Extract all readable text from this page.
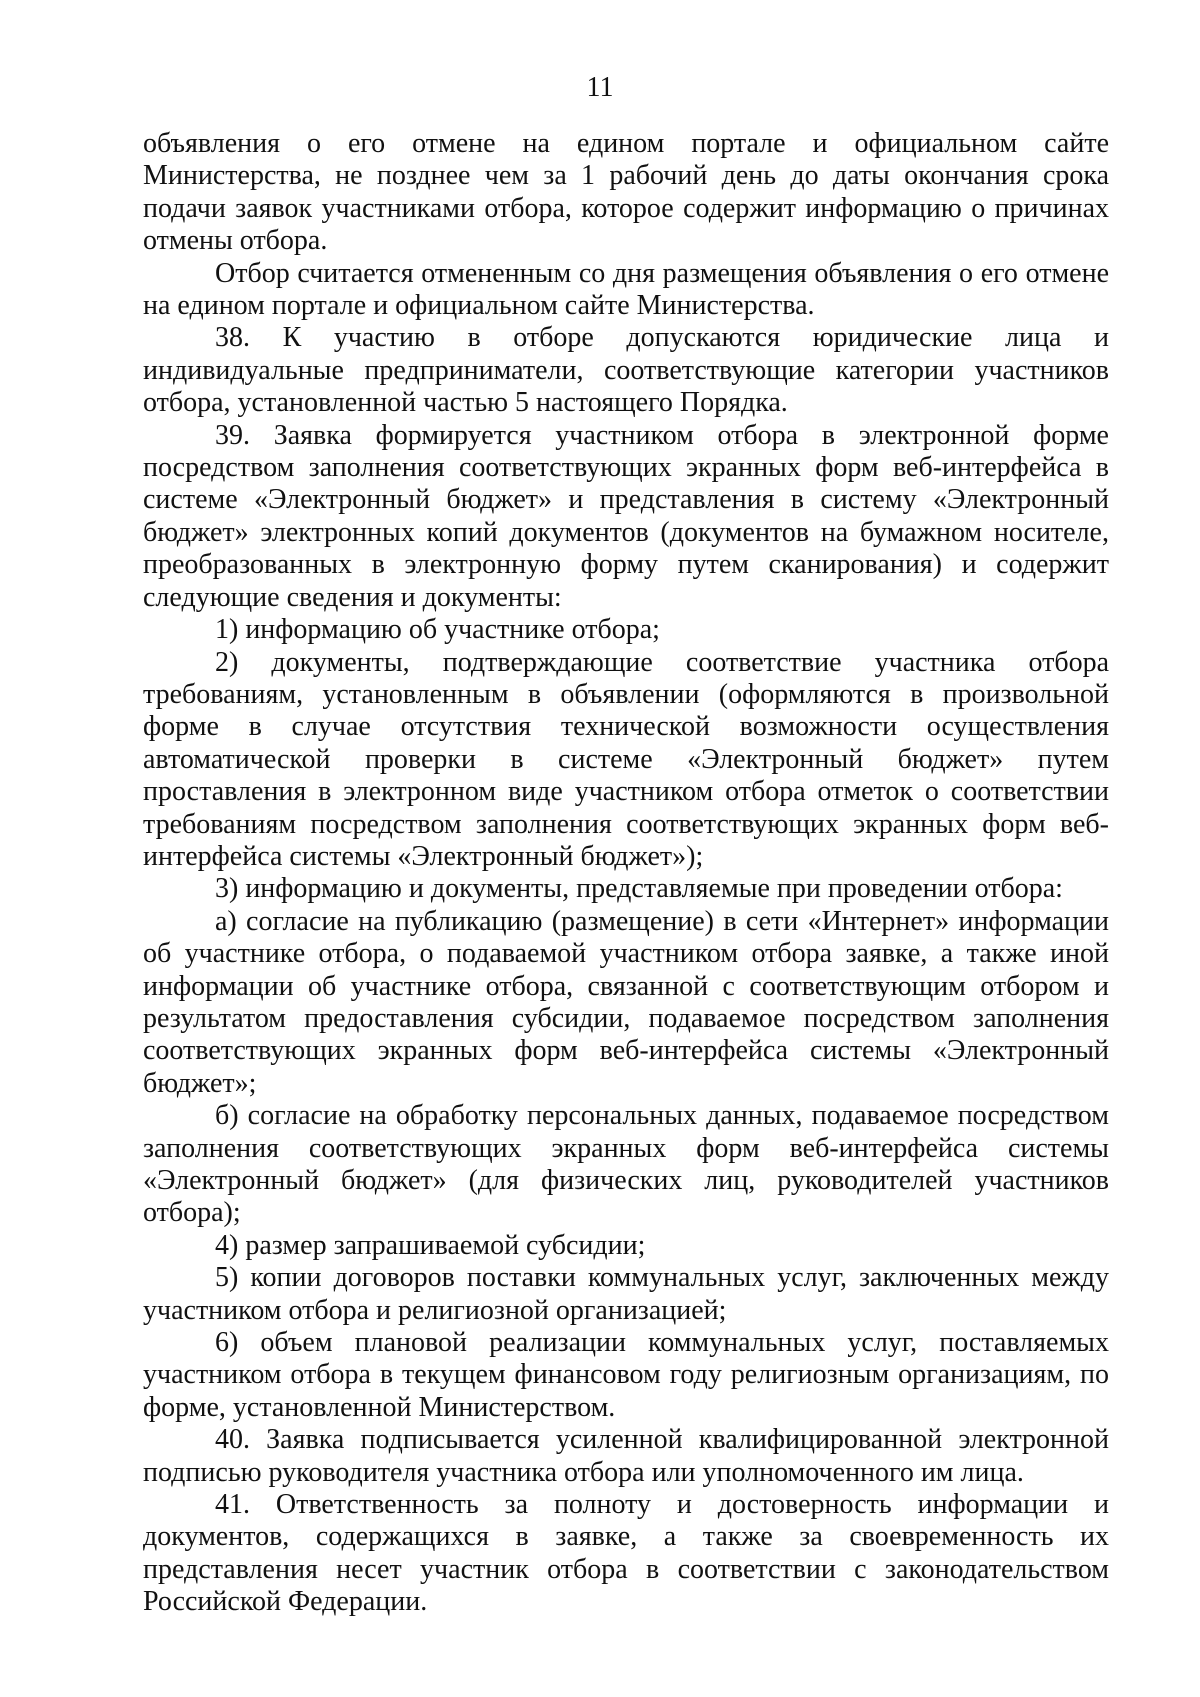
11

объявления о его отмене на едином портале и официальном сайте Министерства, не позднее чем за 1 рабочий день до даты окончания срока подачи заявок участниками отбора, которое содержит информацию о причинах отмены отбора.

Отбор считается отмененным со дня размещения объявления о его отмене на едином портале и официальном сайте Министерства.

38. К участию в отборе допускаются юридические лица и индивидуальные предприниматели, соответствующие категории участников отбора, установленной частью 5 настоящего Порядка.

39. Заявка формируется участником отбора в электронной форме посредством заполнения соответствующих экранных форм веб-интерфейса в системе «Электронный бюджет» и представления в систему «Электронный бюджет» электронных копий документов (документов на бумажном носителе, преобразованных в электронную форму путем сканирования) и содержит следующие сведения и документы:

1) информацию об участнике отбора;

2) документы, подтверждающие соответствие участника отбора требованиям, установленным в объявлении (оформляются в произвольной форме в случае отсутствия технической возможности осуществления автоматической проверки в системе «Электронный бюджет» путем проставления в электронном виде участником отбора отметок о соответствии требованиям посредством заполнения соответствующих экранных форм веб-интерфейса системы «Электронный бюджет»);

3) информацию и документы, представляемые при проведении отбора:

а) согласие на публикацию (размещение) в сети «Интернет» информации об участнике отбора, о подаваемой участником отбора заявке, а также иной информации об участнике отбора, связанной с соответствующим отбором и результатом предоставления субсидии, подаваемое посредством заполнения соответствующих экранных форм веб-интерфейса системы «Электронный бюджет»;

б) согласие на обработку персональных данных, подаваемое посредством заполнения соответствующих экранных форм веб-интерфейса системы «Электронный бюджет» (для физических лиц, руководителей участников отбора);

4) размер запрашиваемой субсидии;

5) копии договоров поставки коммунальных услуг, заключенных между участником отбора и религиозной организацией;

6) объем плановой реализации коммунальных услуг, поставляемых участником отбора в текущем финансовом году религиозным организациям, по форме, установленной Министерством.

40. Заявка подписывается усиленной квалифицированной электронной подписью руководителя участника отбора или уполномоченного им лица.

41. Ответственность за полноту и достоверность информации и документов, содержащихся в заявке, а также за своевременность их представления несет участник отбора в соответствии с законодательством Российской Федерации.
